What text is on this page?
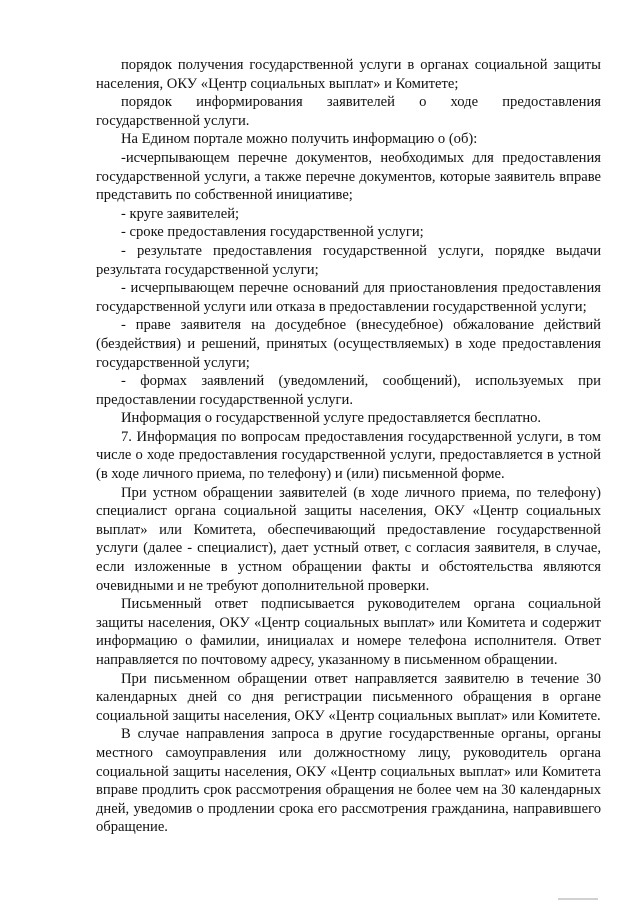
порядок получения государственной услуги в органах социальной защиты населения, ОКУ «Центр социальных выплат» и Комитете;

порядок информирования заявителей о ходе предоставления государственной услуги.

На Едином портале можно получить информацию о (об):

-исчерпывающем перечне документов, необходимых для предоставления государственной услуги, а также перечне документов, которые заявитель вправе представить по собственной инициативе;

- круге заявителей;

- сроке предоставления государственной услуги;

- результате предоставления государственной услуги, порядке выдачи результата государственной услуги;

- исчерпывающем перечне оснований для приостановления предоставления государственной услуги или отказа в предоставлении государственной услуги;

- праве заявителя на досудебное (внесудебное) обжалование действий (бездействия) и решений, принятых (осуществляемых) в ходе предоставления государственной услуги;

- формах заявлений (уведомлений, сообщений), используемых при предоставлении государственной услуги.

Информация о государственной услуге предоставляется бесплатно.

7. Информация по вопросам предоставления государственной услуги, в том числе о ходе предоставления государственной услуги, предоставляется в устной (в ходе личного приема, по телефону) и (или) письменной форме.

При устном обращении заявителей (в ходе личного приема, по телефону) специалист органа социальной защиты населения, ОКУ «Центр социальных выплат» или Комитета, обеспечивающий предоставление государственной услуги (далее - специалист), дает устный ответ, с согласия заявителя, в случае, если изложенные в устном обращении факты и обстоятельства являются очевидными и не требуют дополнительной проверки.

Письменный ответ подписывается руководителем органа социальной защиты населения, ОКУ «Центр социальных выплат» или Комитета и содержит информацию о фамилии, инициалах и номере телефона исполнителя. Ответ направляется по почтовому адресу, указанному в письменном обращении.

При письменном обращении ответ направляется заявителю в течение 30 календарных дней со дня регистрации письменного обращения в органе социальной защиты населения, ОКУ «Центр социальных выплат» или Комитете.

В случае направления запроса в другие государственные органы, органы местного самоуправления или должностному лицу, руководитель органа социальной защиты населения, ОКУ «Центр социальных выплат» или Комитета вправе продлить срок рассмотрения обращения не более чем на 30 календарных дней, уведомив о продлении срока его рассмотрения гражданина, направившего обращение.
